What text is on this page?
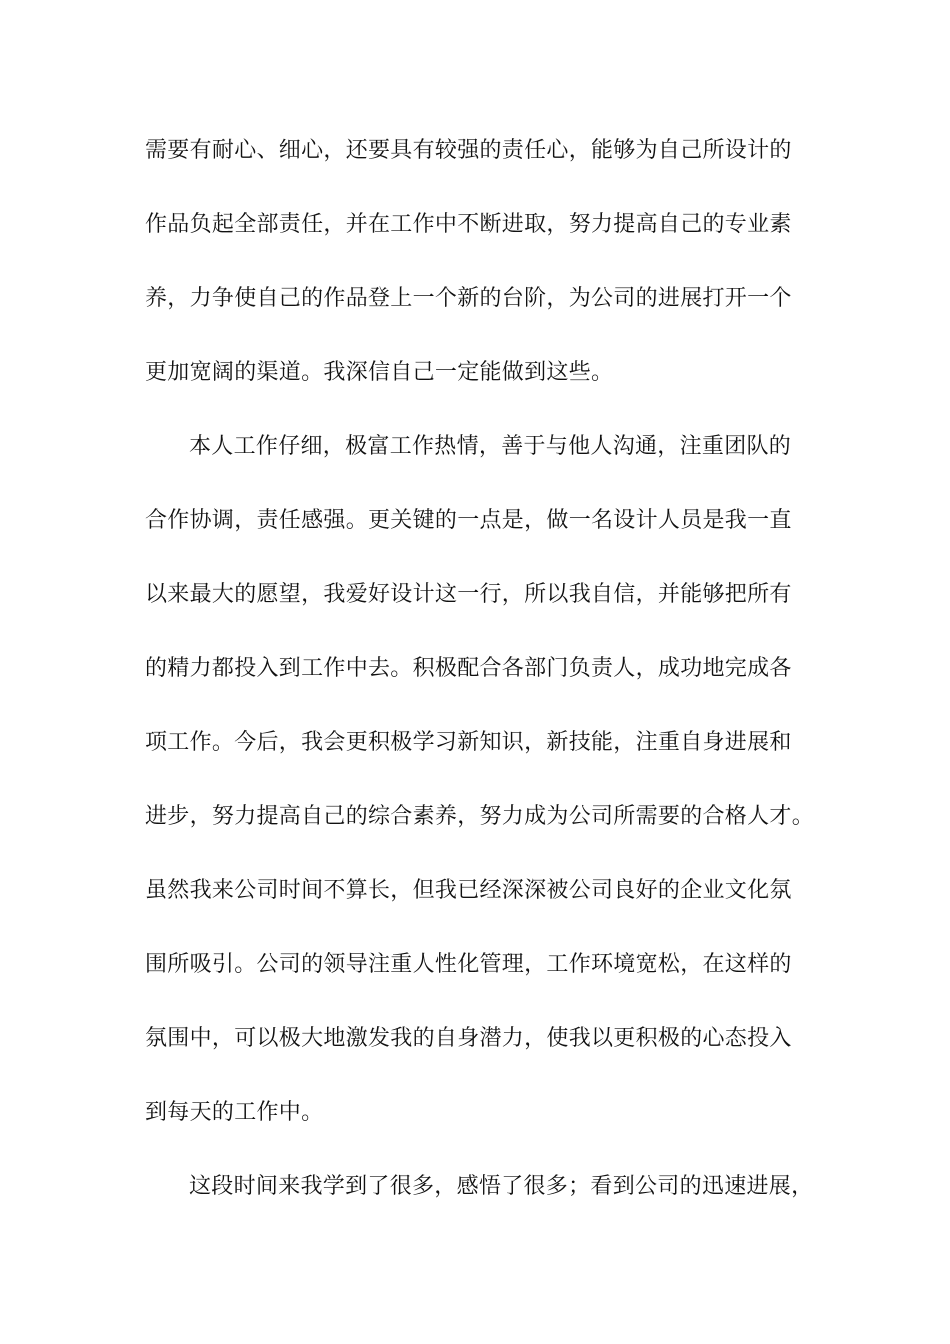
需要有耐心、细心，还要具有较强的责任心，能够为自己所设计的
作品负起全部责任，并在工作中不断进取，努力提高自己的专业素
养，力争使自己的作品登上一个新的台阶，为公司的进展打开一个
更加宽阔的渠道。我深信自己一定能做到这些。
本人工作仔细，极富工作热情，善于与他人沟通，注重团队的
合作协调，责任感强。更关键的一点是，做一名设计人员是我一直
以来最大的愿望，我爱好设计这一行，所以我自信，并能够把所有
的精力都投入到工作中去。积极配合各部门负责人，成功地完成各
项工作。今后，我会更积极学习新知识，新技能，注重自身进展和
进步，努力提高自己的综合素养，努力成为公司所需要的合格人才。
虽然我来公司时间不算长，但我已经深深被公司良好的企业文化氛
围所吸引。公司的领导注重人性化管理，工作环境宽松，在这样的
氛围中，可以极大地激发我的自身潜力，使我以更积极的心态投入
到每天的工作中。
这段时间来我学到了很多，感悟了很多；看到公司的迅速进展，
